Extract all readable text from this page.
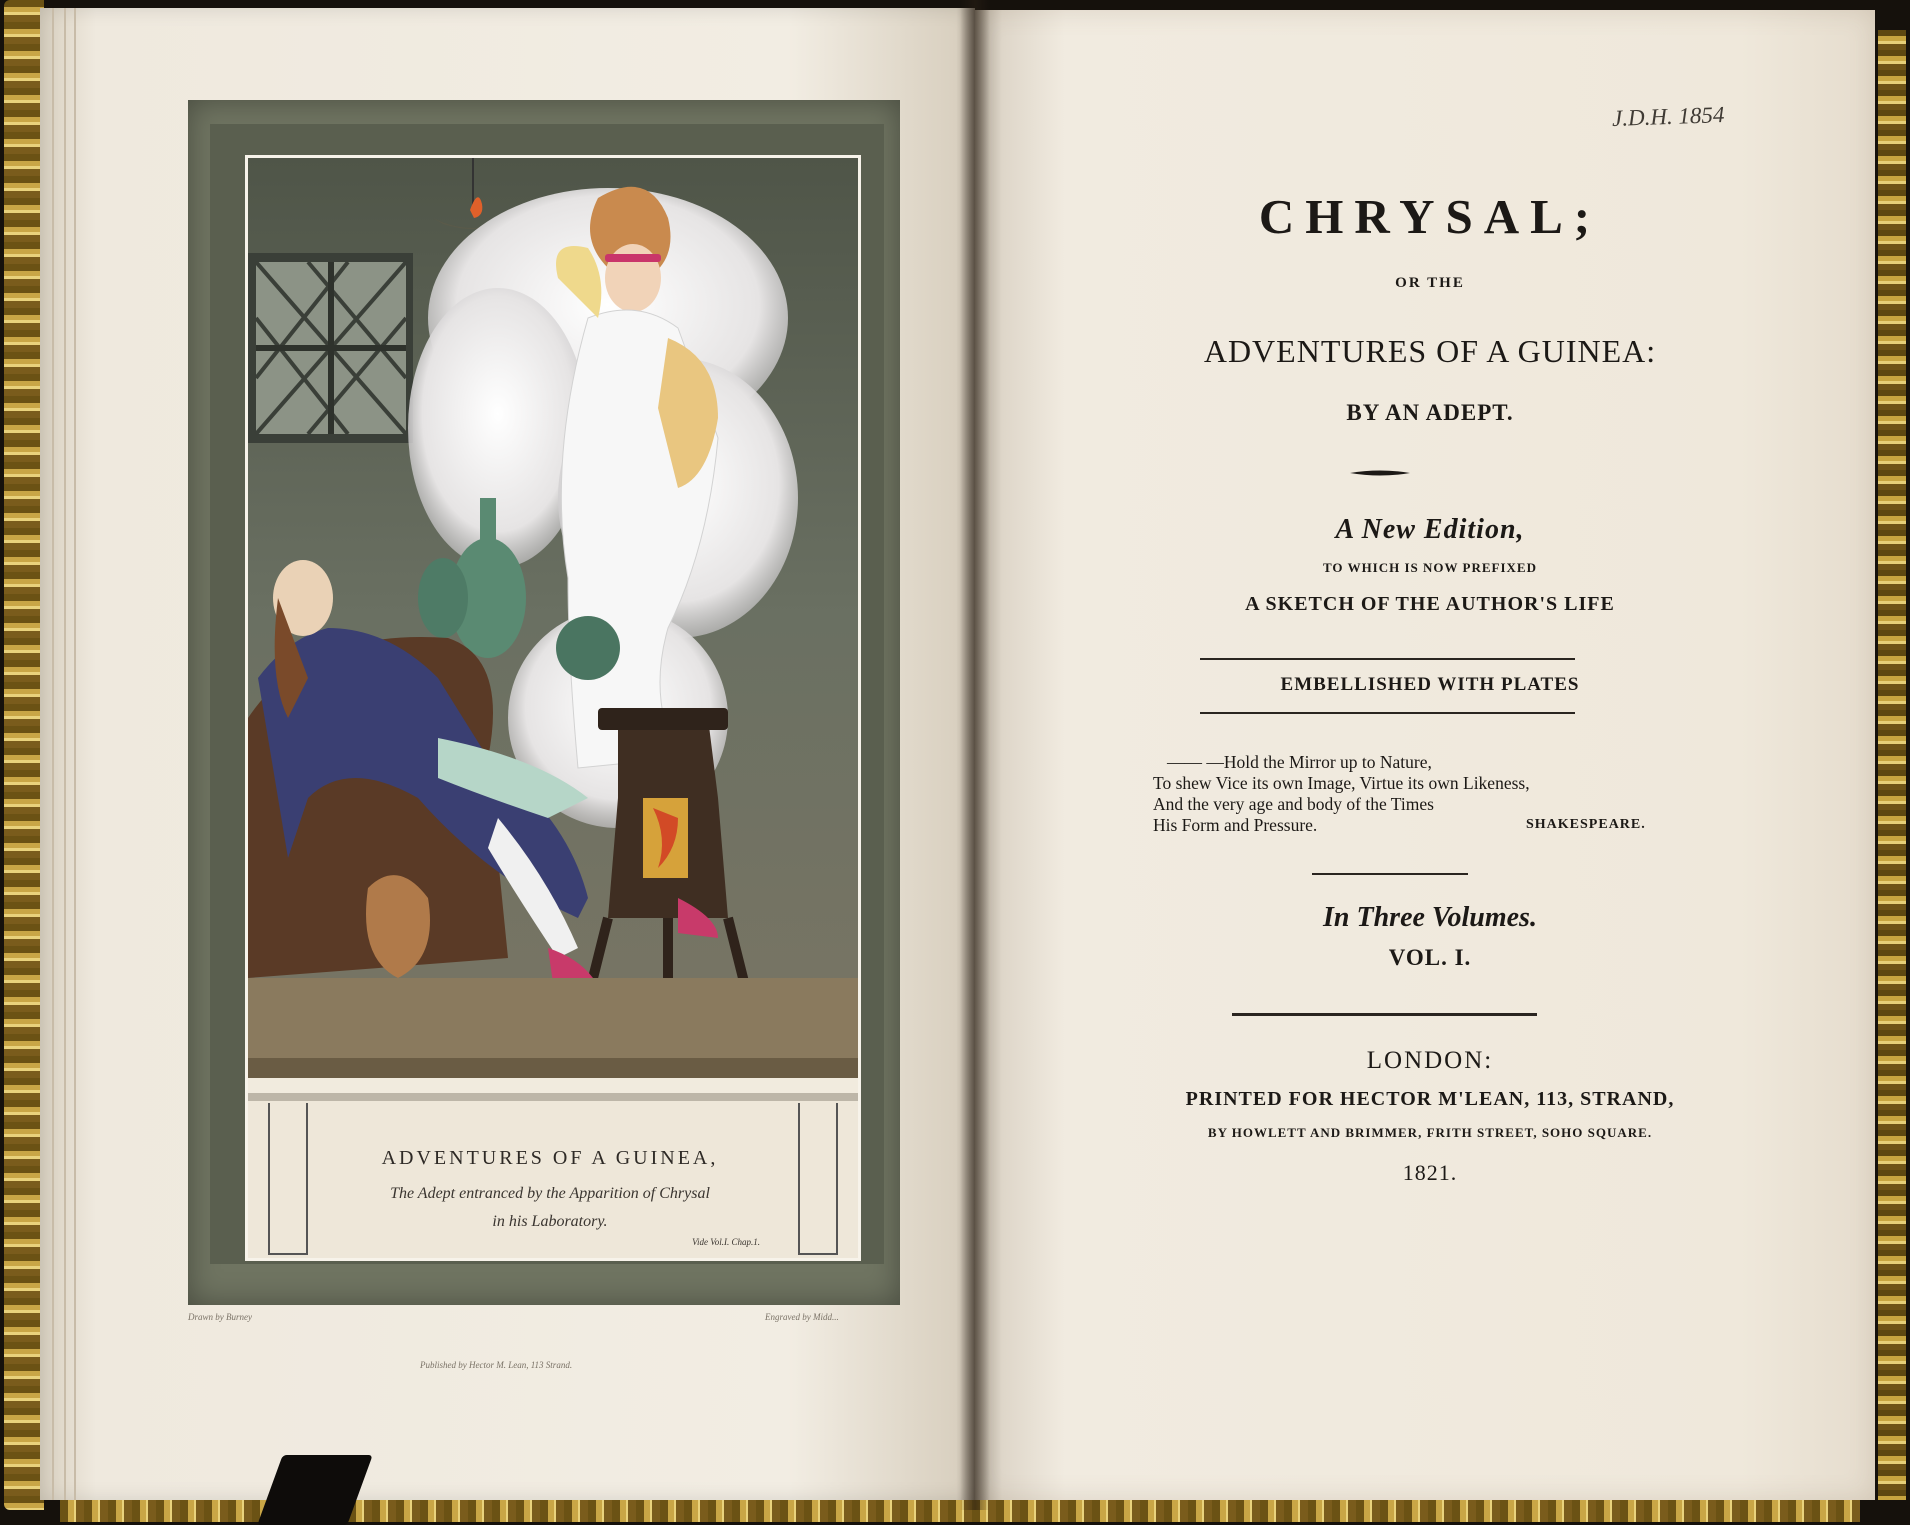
ADVENTURES OF A GUINEA,
The Adept entranced by the Apparition of Chrysal
in his Laboratory.
Vide Vol.I. Chap.1.
Drawn by Burney	Engraved by Midd...
Published by Hector M. Lean, 113 Strand.
J.D.H. 1854
CHRYSAL;
OR THE
ADVENTURES OF A GUINEA:
BY AN ADEPT.
A New Edition,
TO WHICH IS NOW PREFIXED
A SKETCH OF THE AUTHOR'S LIFE
EMBELLISHED WITH PLATES
—— —Hold the Mirror up to Nature,
To shew Vice its own Image, Virtue its own Likeness,
And the very age and body of the Times
His Form and Pressure.	SHAKESPEARE.
In Three Volumes.
VOL. I.
LONDON:
PRINTED FOR HECTOR M'LEAN, 113, STRAND,
BY HOWLETT AND BRIMMER, FRITH STREET, SOHO SQUARE.
1821.
